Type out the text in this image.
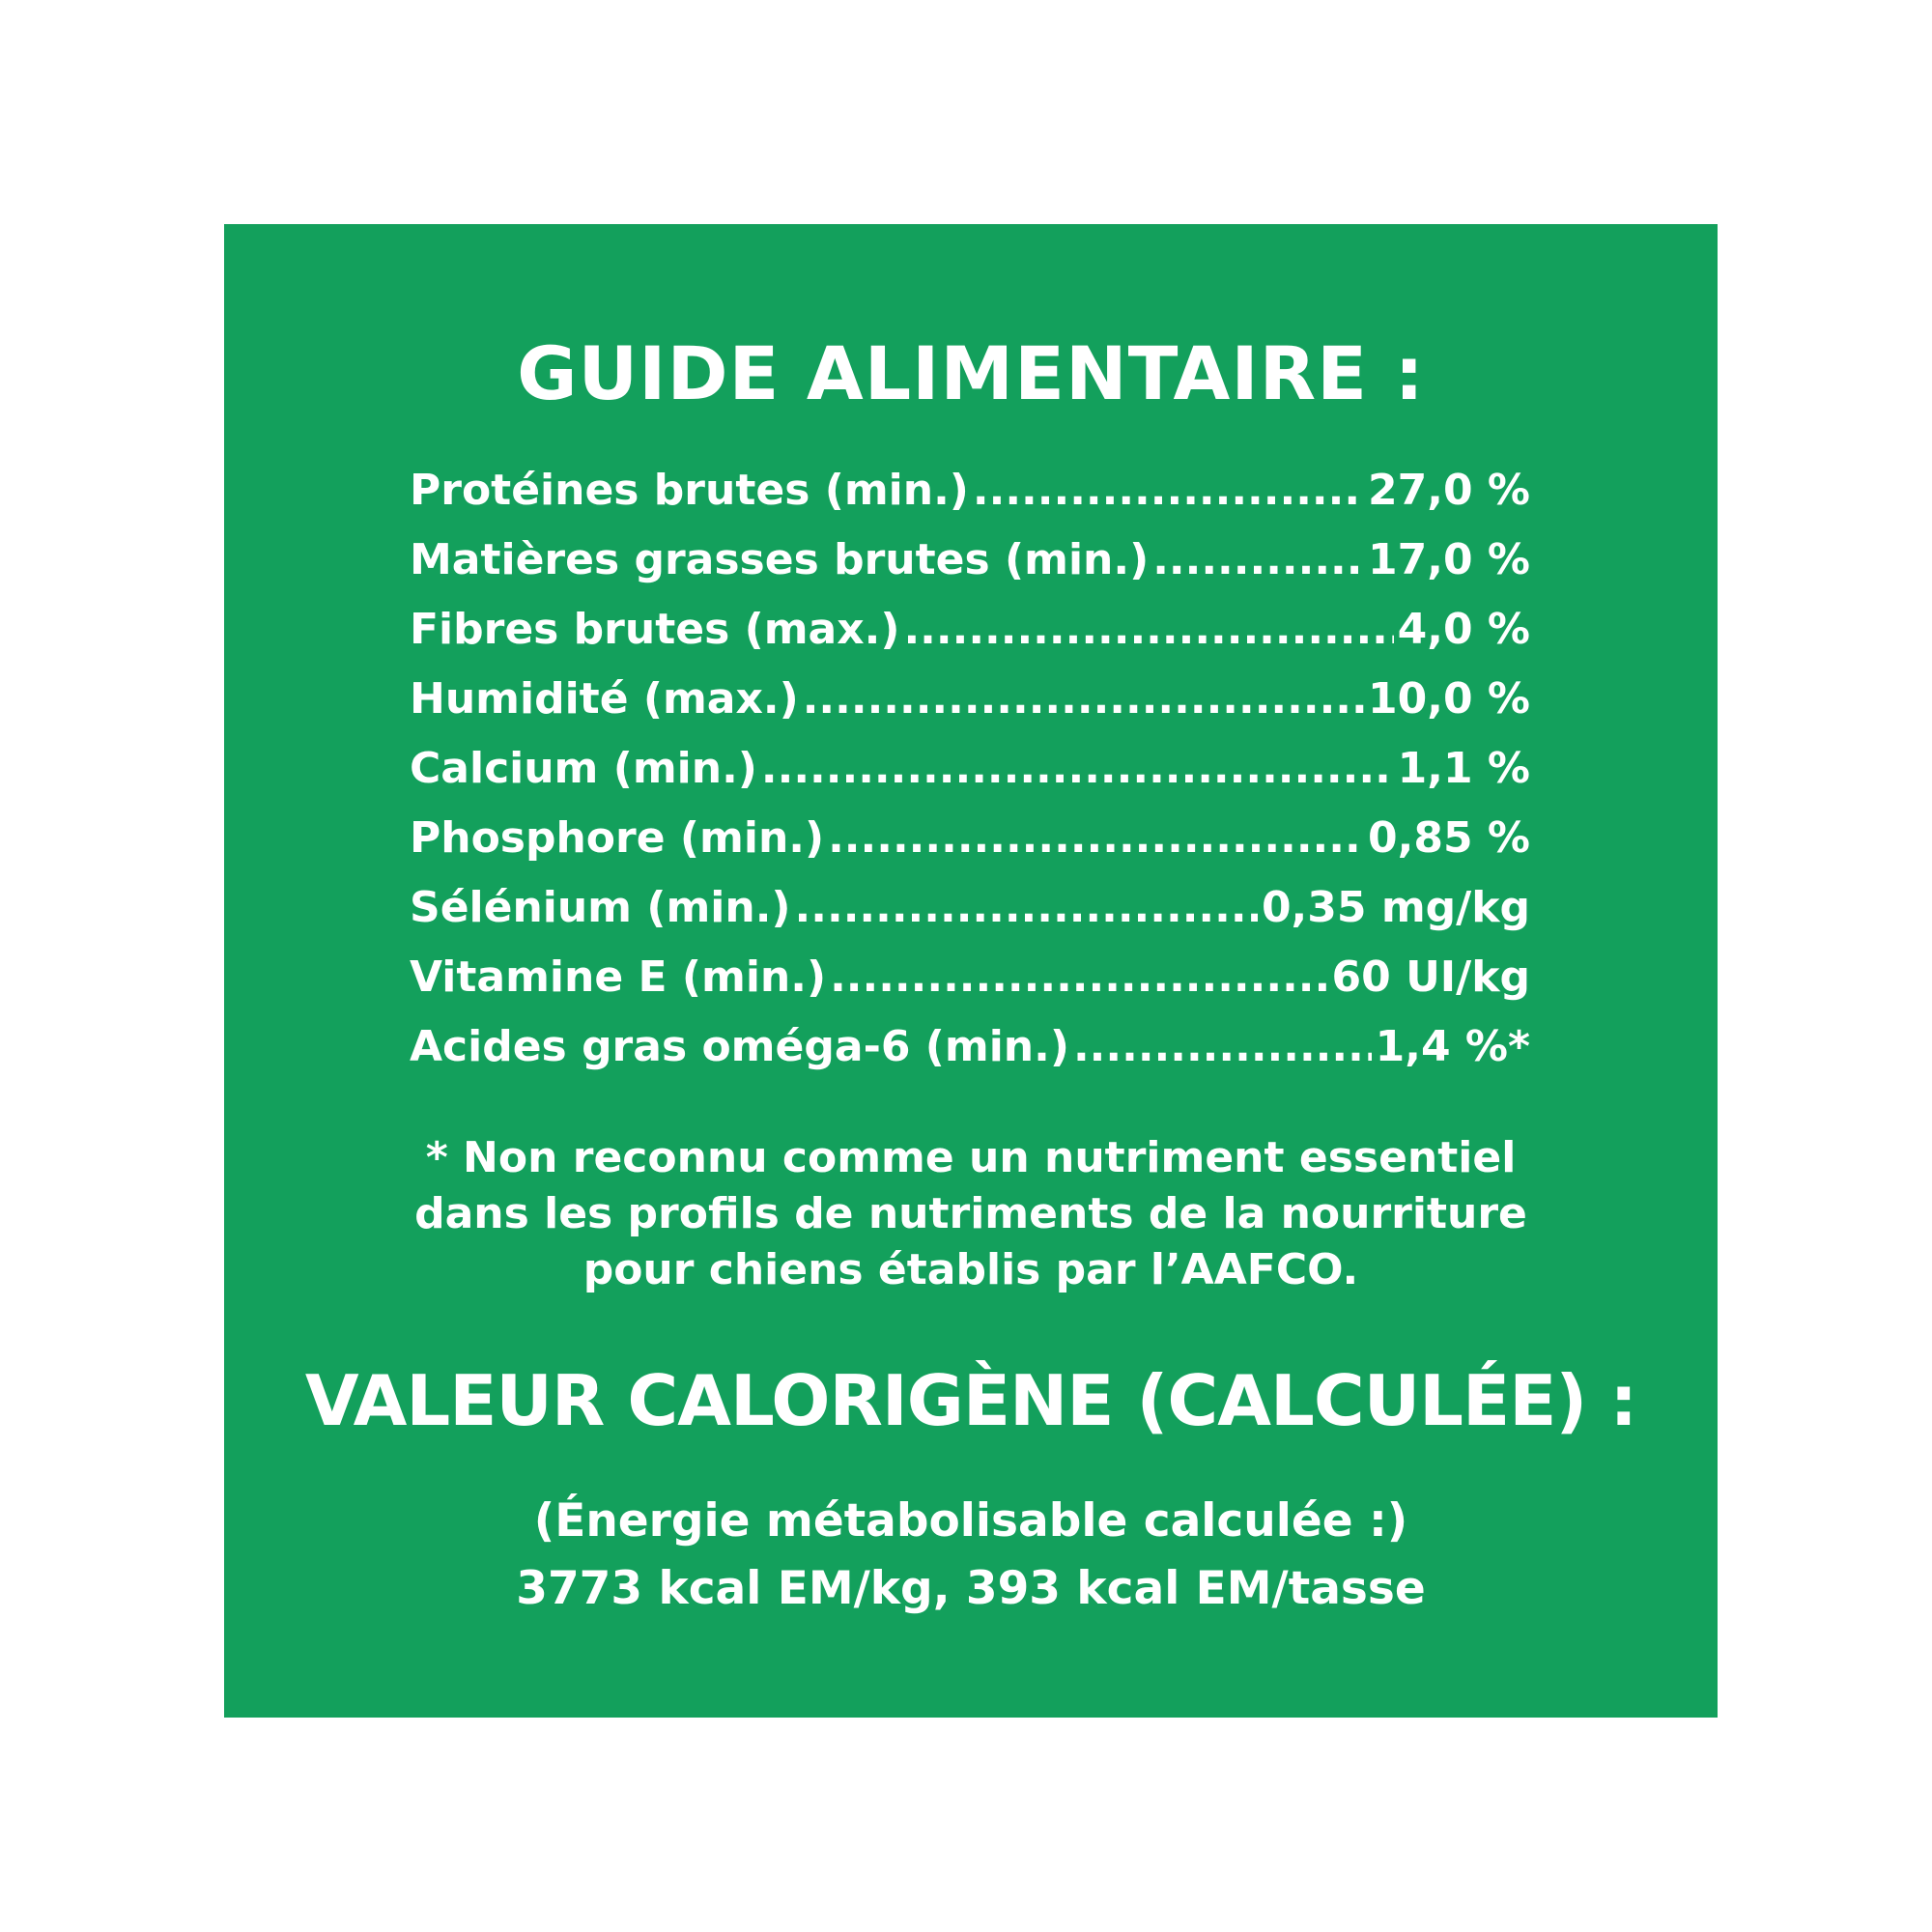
GUIDE ALIMENTAIRE :
Protéines brutes (min.) .....	27,0 %
Matières grasses brutes (min.) .....	17,0 %
Fibres brutes (max.) .....	4,0 %
Humidité (max.) .....	10,0 %
Calcium (min.) .....	1,1 %
Phosphore (min.) .....	0,85 %
Sélénium (min.) .....	0,35 mg/kg
Vitamine E (min.) .....	60 UI/kg
Acides gras oméga-6 (min.) .....	1,4 %*

* Non reconnu comme un nutriment essentiel
dans les profils de nutriments de la nourriture
pour chiens établis par l’AAFCO.

VALEUR CALORIGÈNE (CALCULÉE) :

(Énergie métabolisable calculée :)
3773 kcal EM/kg, 393 kcal EM/tasse
